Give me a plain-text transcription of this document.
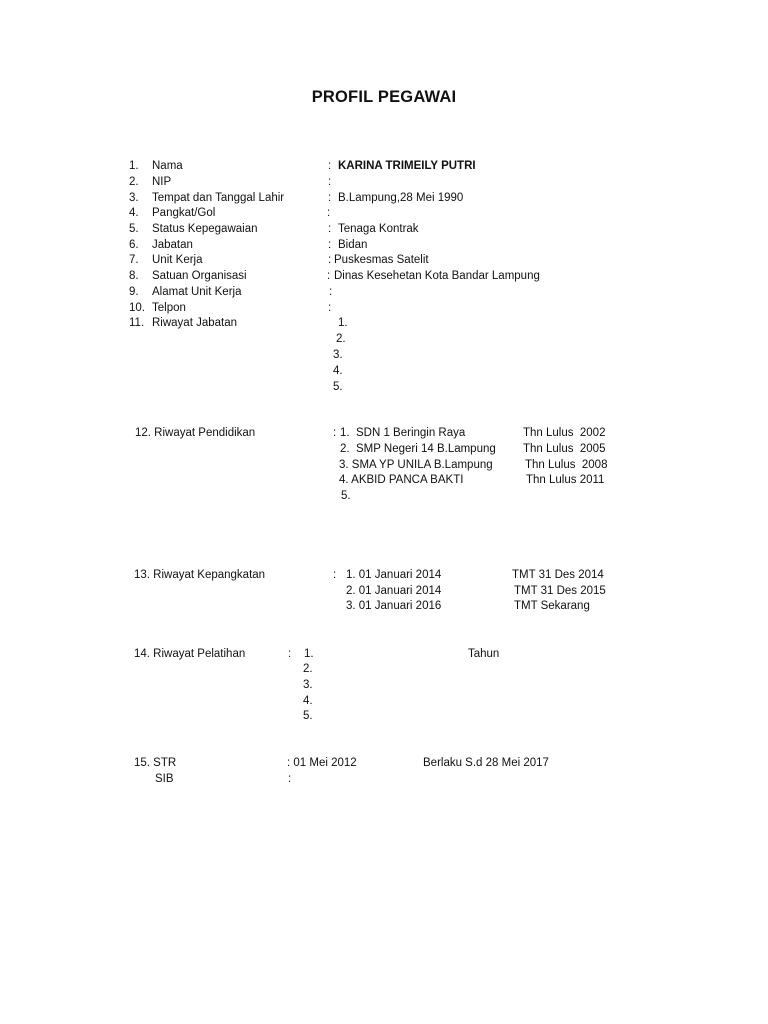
PROFIL PEGAWAI
1. Nama	: KARINA TRIMEILY PUTRI
2. NIP	:
3. Tempat dan Tanggal Lahir	: B.Lampung,28 Mei 1990
4. Pangkat/Gol	:
5. Status Kepegawaian	: Tenaga Kontrak
6. Jabatan	: Bidan
7. Unit Kerja	: Puskesmas Satelit
8. Satuan Organisasi	: Dinas Kesehetan Kota Bandar Lampung
9. Alamat Unit Kerja	:
10. Telpon	:
11. Riwayat Jabatan	1.
2.
3.
4.
5.
12. Riwayat Pendidikan	: 1.  SDN 1 Beringin Raya	Thn Lulus  2002
2.  SMP Negeri 14 B.Lampung Thn Lulus  2005
3. SMA YP UNILA B.Lampung	Thn Lulus  2008
4. AKBID PANCA BAKTI	Thn Lulus 2011
5.
13. Riwayat Kepangkatan	: 1. 01 Januari 2014	TMT 31 Des 2014
2. 01 Januari 2014	TMT 31 Des 2015
3. 01 Januari 2016	TMT Sekarang
14. Riwayat Pelatihan	:	Tahun
1.
2.
3.
4.
5.
15. STR	: 01 Mei 2012	Berlaku S.d 28 Mei 2017
SIB	:
